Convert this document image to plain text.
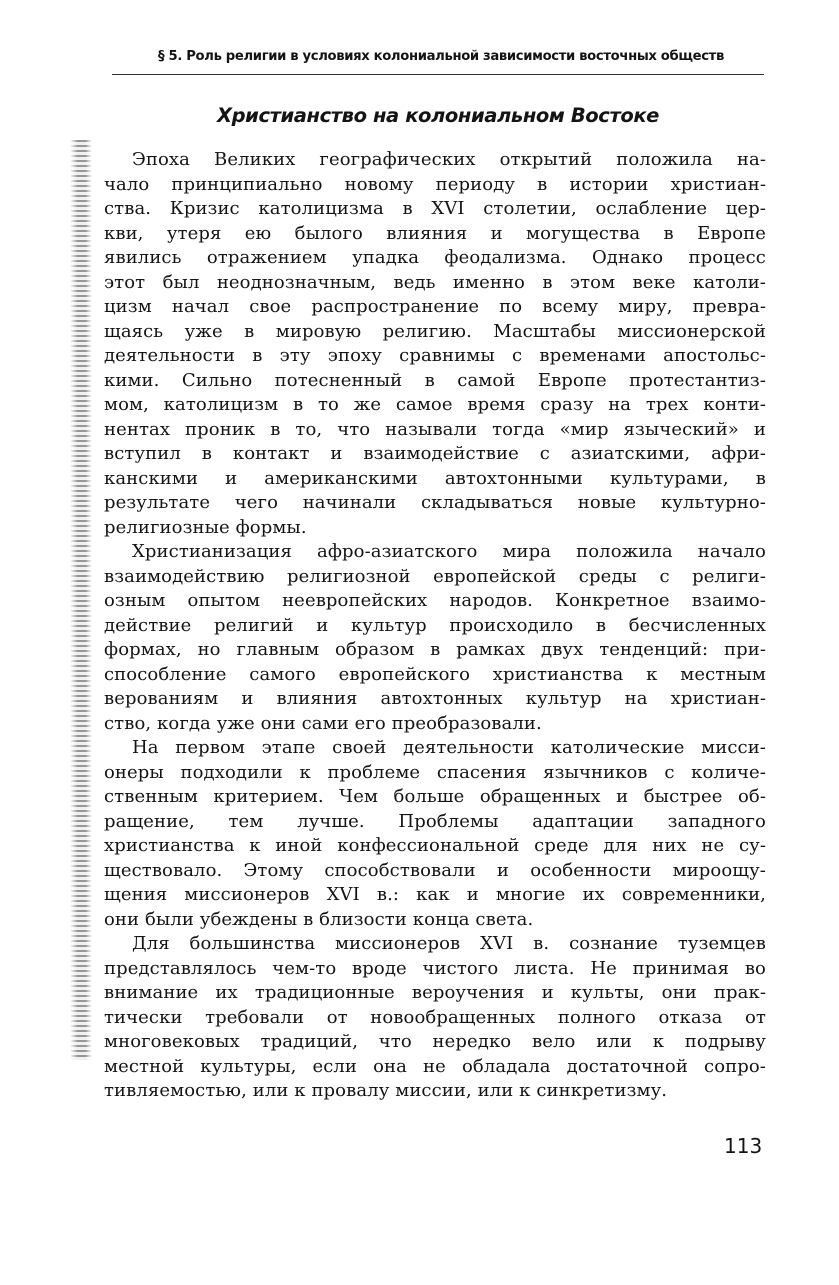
§ 5. Роль религии в условиях колониальной зависимости восточных обществ
Христианство на колониальном Востоке
Эпоха Великих географических открытий положила на-
чало принципиально новому периоду в истории христиан-
ства. Кризис католицизма в XVI столетии, ослабление цер-
кви, утеря ею былого влияния и могущества в Европе
явились отражением упадка феодализма. Однако процесс
этот был неоднозначным, ведь именно в этом веке католи-
цизм начал свое распространение по всему миру, превра-
щаясь уже в мировую религию. Масштабы миссионерской
деятельности в эту эпоху сравнимы с временами апостольс-
кими. Сильно потесненный в самой Европе протестантиз-
мом, католицизм в то же самое время сразу на трех конти-
нентах проник в то, что называли тогда «мир языческий» и
вступил в контакт и взаимодействие с азиатскими, афри-
канскими и американскими автохтонными культурами, в
результате чего начинали складываться новые культурно-
религиозные формы.
Христианизация афро-азиатского мира положила начало
взаимодействию религиозной европейской среды с религи-
озным опытом неевропейских народов. Конкретное взаимо-
действие религий и культур происходило в бесчисленных
формах, но главным образом в рамках двух тенденций: при-
способление самого европейского христианства к местным
верованиям и влияния автохтонных культур на христиан-
ство, когда уже они сами его преобразовали.
На первом этапе своей деятельности католические мисси-
онеры подходили к проблеме спасения язычников с количе-
ственным критерием. Чем больше обращенных и быстрее об-
ращение, тем лучше. Проблемы адаптации западного
христианства к иной конфессиональной среде для них не су-
ществовало. Этому способствовали и особенности мироощу-
щения миссионеров XVI в.: как и многие их современники,
они были убеждены в близости конца света.
Для большинства миссионеров XVI в. сознание туземцев
представлялось чем-то вроде чистого листа. Не принимая во
внимание их традиционные вероучения и культы, они прак-
тически требовали от новообращенных полного отказа от
многовековых традиций, что нередко вело или к подрыву
местной культуры, если она не обладала достаточной сопро-
тивляемостью, или к провалу миссии, или к синкретизму.
113
